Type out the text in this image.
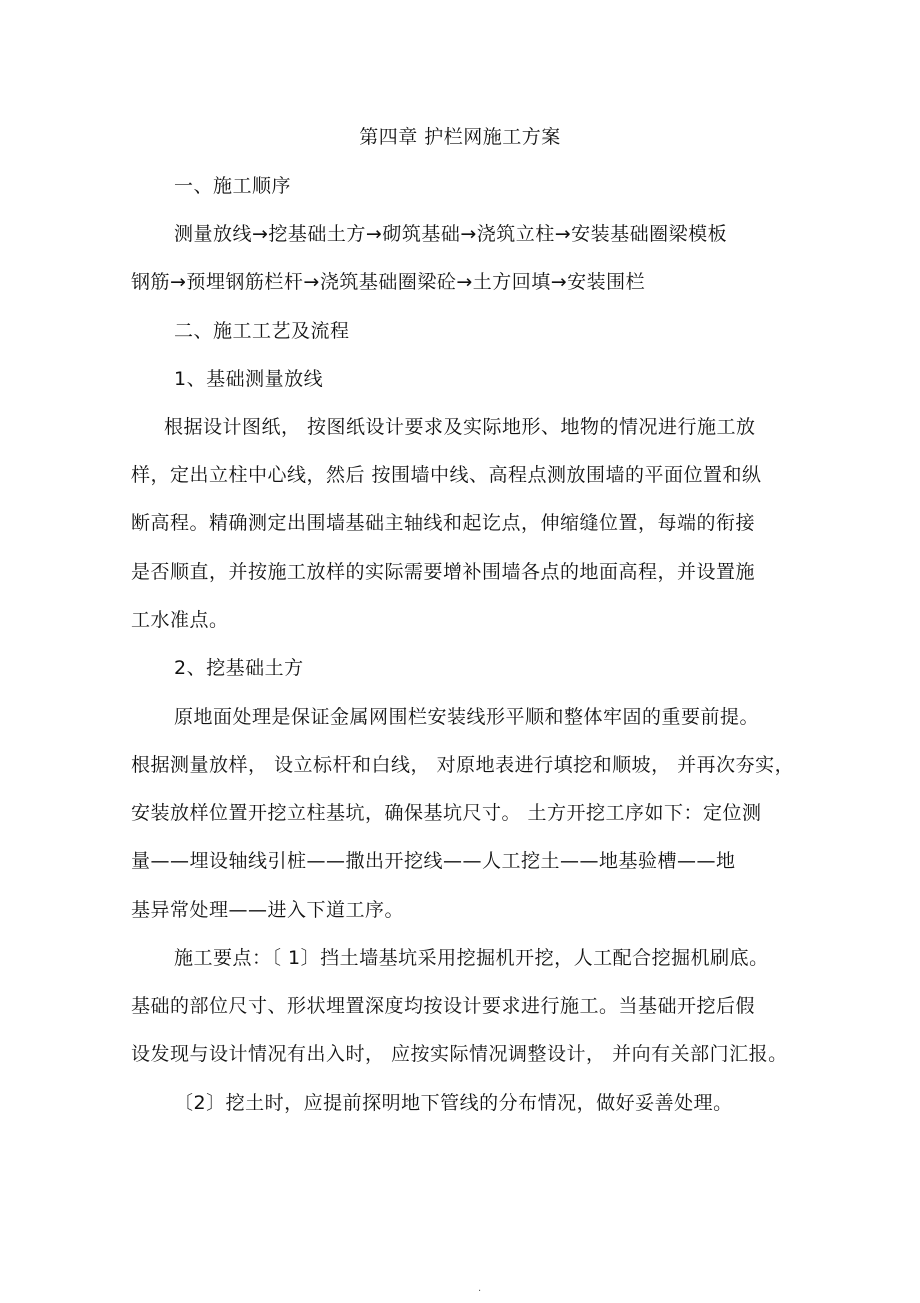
第四章 护栏网施工方案
一、施工顺序
测量放线→挖基础土方→砌筑基础→浇筑立柱→安装基础圈梁模板
钢筋→预埋钢筋栏杆→浇筑基础圈梁砼→土方回填→安装围栏
二、施工工艺及流程
1、基础测量放线
根据设计图纸， 按图纸设计要求及实际地形、地物的情况进行施工放
样，定出立柱中心线，然后 按围墙中线、高程点测放围墙的平面位置和纵
断高程。精确测定出围墙基础主轴线和起讫点，伸缩缝位置，每端的衔接
是否顺直，并按施工放样的实际需要增补围墙各点的地面高程，并设置施
工水准点。
2、挖基础土方
原地面处理是保证金属网围栏安装线形平顺和整体牢固的重要前提。
根据测量放样， 设立标杆和白线， 对原地表进行填挖和顺坡， 并再次夯实，
安装放样位置开挖立柱基坑，确保基坑尺寸。 土方开挖工序如下：定位测
量——埋设轴线引桩——撒出开挖线——人工挖土——地基验槽——地
基异常处理——进入下道工序。
施工要点：〔 1〕挡土墙基坑采用挖掘机开挖，人工配合挖掘机刷底。
基础的部位尺寸、形状埋置深度均按设计要求进行施工。当基础开挖后假
设发现与设计情况有出入时， 应按实际情况调整设计， 并向有关部门汇报。
〔2〕挖土时，应提前探明地下管线的分布情况，做好妥善处理。
.
